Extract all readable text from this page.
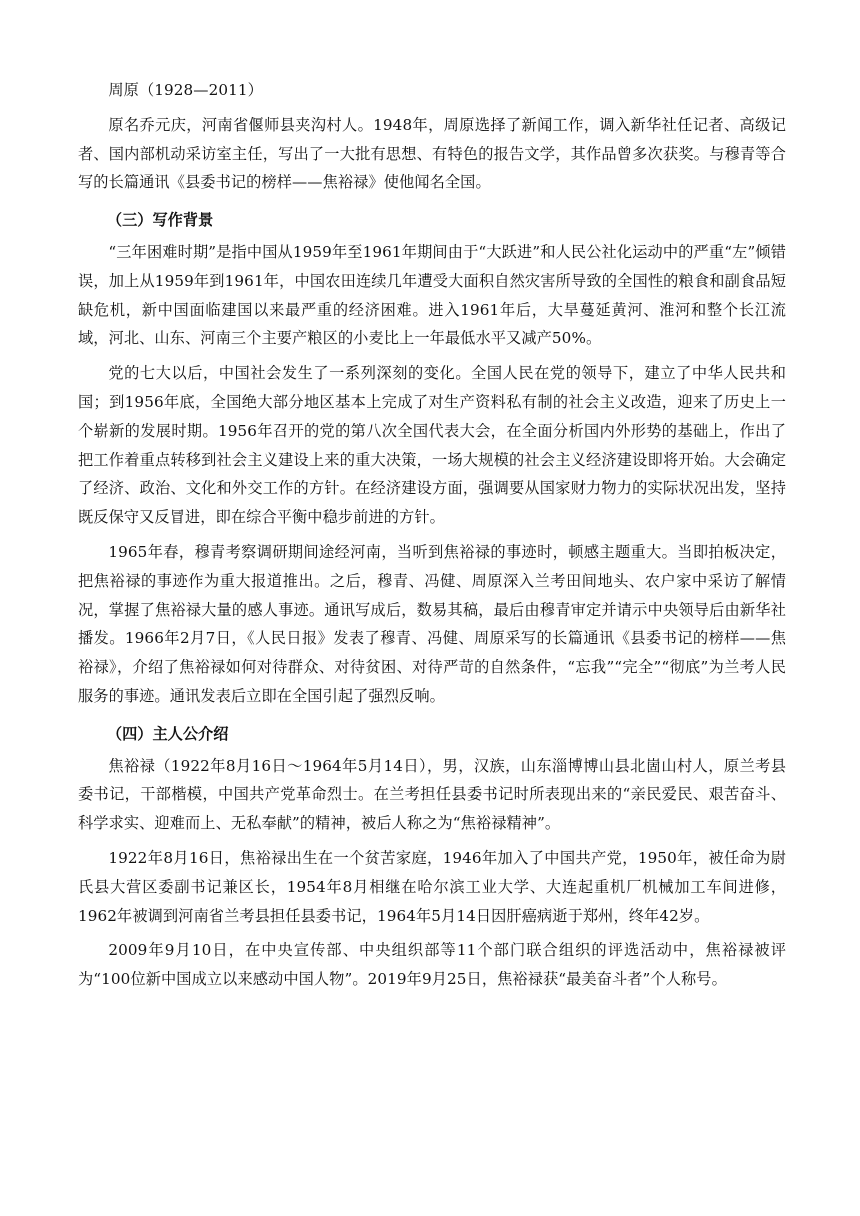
周原（1928—2011）

原名乔元庆，河南省偃师县夹沟村人。1948年，周原选择了新闻工作，调入新华社任记者、高级记者、国内部机动采访室主任，写出了一大批有思想、有特色的报告文学，其作品曾多次获奖。与穆青等合写的长篇通讯《县委书记的榜样——焦裕禄》使他闻名全国。

（三）写作背景

“三年困难时期”是指中国从1959年至1961年期间由于“大跃进”和人民公社化运动中的严重“左”倾错误，加上从1959年到1961年，中国农田连续几年遭受大面积自然灾害所导致的全国性的粮食和副食品短缺危机，新中国面临建国以来最严重的经济困难。进入1961年后，大旱蔓延黄河、淮河和整个长江流域，河北、山东、河南三个主要产粮区的小麦比上一年最低水平又减产50%。

党的七大以后，中国社会发生了一系列深刻的变化。全国人民在党的领导下，建立了中华人民共和国；到1956年底，全国绝大部分地区基本上完成了对生产资料私有制的社会主义改造，迎来了历史上一个崭新的发展时期。1956年召开的党的第八次全国代表大会，在全面分析国内外形势的基础上，作出了把工作着重点转移到社会主义建设上来的重大决策，一场大规模的社会主义经济建设即将开始。大会确定了经济、政治、文化和外交工作的方针。在经济建设方面，强调要从国家财力物力的实际状况出发，坚持既反保守又反冒进，即在综合平衡中稳步前进的方针。

1965年春，穆青考察调研期间途经河南，当听到焦裕禄的事迹时，顿感主题重大。当即拍板决定，把焦裕禄的事迹作为重大报道推出。之后，穆青、冯健、周原深入兰考田间地头、农户家中采访了解情况，掌握了焦裕禄大量的感人事迹。通讯写成后，数易其稿，最后由穆青审定并请示中央领导后由新华社播发。1966年2月7日，《人民日报》发表了穆青、冯健、周原采写的长篇通讯《县委书记的榜样——焦裕禄》，介绍了焦裕禄如何对待群众、对待贫困、对待严苛的自然条件，“忘我”“完全”“彻底”为兰考人民服务的事迹。通讯发表后立即在全国引起了强烈反响。

（四）主人公介绍

焦裕禄（1922年8月16日～1964年5月14日），男，汉族，山东淄博博山县北崮山村人，原兰考县委书记，干部楷模，中国共产党革命烈士。在兰考担任县委书记时所表现出来的“亲民爱民、艰苦奋斗、科学求实、迎难而上、无私奉献”的精神，被后人称之为“焦裕禄精神”。

1922年8月16日，焦裕禄出生在一个贫苦家庭，1946年加入了中国共产党，1950年，被任命为尉氏县大营区委副书记兼区长，1954年8月相继在哈尔滨工业大学、大连起重机厂机械加工车间进修，1962年被调到河南省兰考县担任县委书记，1964年5月14日因肝癌病逝于郑州，终年42岁。

2009年9月10日，在中央宣传部、中央组织部等11个部门联合组织的评选活动中，焦裕禄被评为“100位新中国成立以来感动中国人物”。2019年9月25日，焦裕禄获“最美奋斗者”个人称号。
